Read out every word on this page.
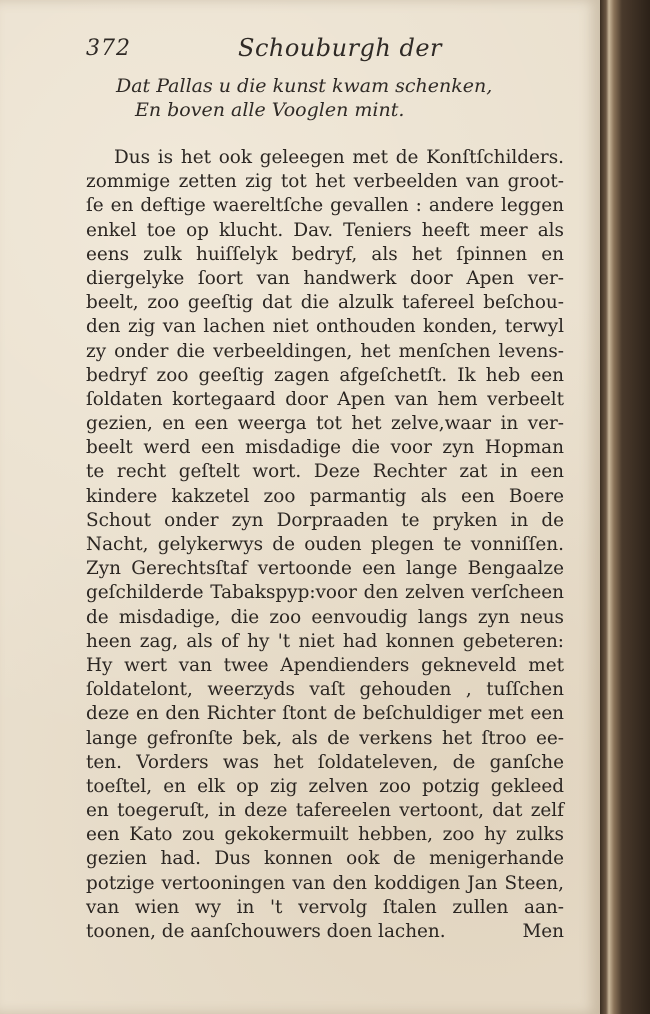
372	Schouburgh der
Dat Pallas u die kunst kwam schenken,
En boven alle Vooglen mint.
Dus is het ook geleegen met de Konſtſchilders.
zommige zetten zig tot het verbeelden van groot-
ſe en deftige waereltſche gevallen : andere leggen
enkel toe op klucht. Dav. Teniers heeft meer als
eens zulk huiſſelyk bedryf, als het ſpinnen en
diergelyke ſoort van handwerk door Apen ver-
beelt, zoo geeſtig dat die alzulk tafereel beſchou-
den zig van lachen niet onthouden konden, terwyl
zy onder die verbeeldingen, het menſchen levens-
bedryf zoo geeſtig zagen afgeſchetſt. Ik heb een
ſoldaten kortegaard door Apen van hem verbeelt
gezien, en een weerga tot het zelve,waar in ver-
beelt werd een misdadige die voor zyn Hopman
te recht geſtelt wort. Deze Rechter zat in een
kindere kakzetel zoo parmantig als een Boere
Schout onder zyn Dorpraaden te pryken in de
Nacht, gelykerwys de ouden plegen te vonniſſen.
Zyn Gerechtsſtaf vertoonde een lange Bengaalze
geſchilderde Tabakspyp:voor den zelven verſcheen
de misdadige, die zoo eenvoudig langs zyn neus
heen zag, als of hy 't niet had konnen gebeteren:
Hy wert van twee Apendienders gekneveld met
ſoldatelont, weerzyds vaſt gehouden , tuſſchen
deze en den Richter ſtont de beſchuldiger met een
lange gefronſte bek, als de verkens het ſtroo ee-
ten. Vorders was het ſoldateleven, de ganſche
toeſtel, en elk op zig zelven zoo potzig gekleed
en toegeruſt, in deze tafereelen vertoont, dat zelf
een Kato zou gekokermuilt hebben, zoo hy zulks
gezien had. Dus konnen ook de menigerhande
potzige vertooningen van den koddigen Jan Steen,
van wien wy in 't vervolg ſtalen zullen aan-
toonen, de aanſchouwers doen lachen.	Men
